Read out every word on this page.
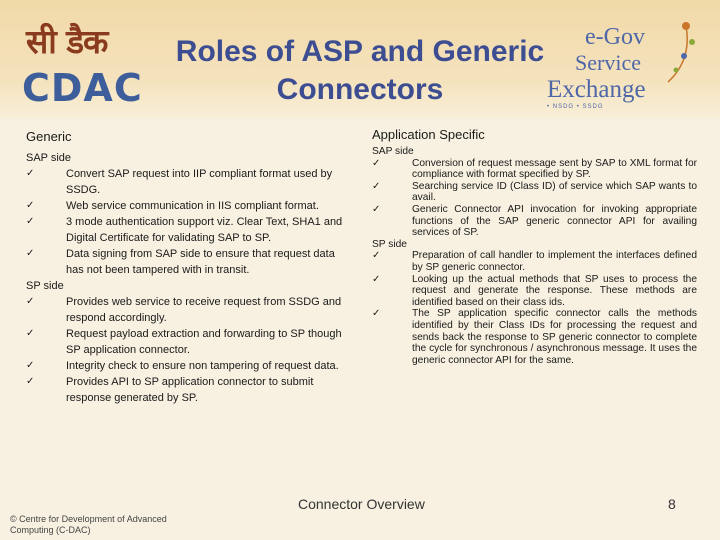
सी डैक
CDAC
Roles of ASP and Generic
Connectors
e-Gov
Service
Exchange
• NSDG • SSDG
Generic	Application Specific

SAP side

✓	Convert SAP request into IIP compliant format used by SSDG.
✓	Web service communication in IIS compliant format.
✓	3 mode authentication support viz. Clear Text, SHA1 and Digital Certificate for validating SAP to SP.
✓	Data signing from SAP side to ensure that request data has not been tampered with in transit.

SP side

✓	Provides web service to receive request from SSDG and respond accordingly.
✓	Request payload extraction and forwarding to SP though SP application connector.
✓	Integrity check to ensure non tampering of request data.
✓	Provides API to SP application connector to submit response generated by SP.

SAP side

✓	Conversion of request message sent by SAP to XML format for compliance with format specified by SP.
✓	Searching service ID (Class ID) of service which SAP wants to avail.
✓	Generic Connector API invocation for invoking appropriate functions of the SAP generic connector API for availing services of SP.

SP side

✓	Preparation of call handler to implement the interfaces defined by SP generic connector.
✓	Looking up the actual methods that SP uses to process the request and generate the response. These methods are identified based on their class ids.
✓	The SP application specific connector calls the methods identified by their Class IDs for processing the request and sends back the response to SP generic connector to complete the cycle for synchronous / asynchronous message. It uses the generic connector API for the same.
Connector Overview	8
© Centre for Development of Advanced Computing (C-DAC)
